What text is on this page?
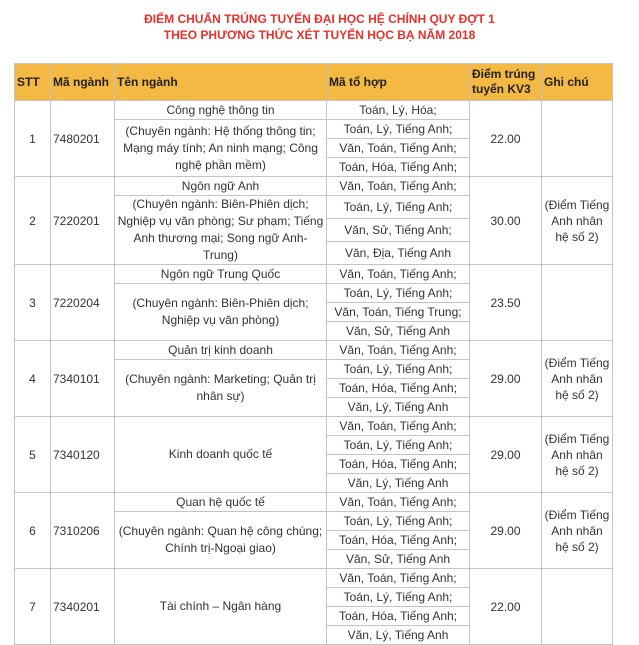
ĐIỂM CHUẨN TRÚNG TUYỂN ĐẠI HỌC HỆ CHÍNH QUY ĐỢT 1
THEO PHƯƠNG THỨC XÉT TUYỂN HỌC BẠ NĂM 2018
STT	Mã ngành	Tên ngành	Mã tổ hợp	Điểm trúng tuyển KV3	Ghi chú
1	7480201	Công nghệ thông tin	Toán, Lý, Hóa;	22.00	
		(Chuyên ngành: Hệ thống thông tin; Mạng máy tính; An ninh mạng; Công nghệ phần mềm)	Toán, Lý, Tiếng Anh;		
			Văn, Toán, Tiếng Anh;		
			Toán, Hóa, Tiếng Anh;		
2	7220201	Ngôn ngữ Anh	Văn, Toán, Tiếng Anh;	30.00	(Điểm Tiếng Anh nhân hệ số 2)
		(Chuyên ngành: Biên-Phiên dịch; Nghiệp vụ văn phòng; Sư phạm; Tiếng Anh thương mại; Song ngữ Anh-Trung)	Toán, Lý, Tiếng Anh;		
			Văn, Sử, Tiếng Anh;		
			Văn, Địa, Tiếng Anh		
3	7220204	Ngôn ngữ Trung Quốc	Văn, Toán, Tiếng Anh;	23.50	
		(Chuyên ngành: Biên-Phiên dịch; Nghiệp vụ văn phòng)	Toán, Lý, Tiếng Anh;		
			Văn, Toán, Tiếng Trung;		
			Văn, Sử, Tiếng Anh		
4	7340101	Quản trị kinh doanh	Văn, Toán, Tiếng Anh;	29.00	(Điểm Tiếng Anh nhân hệ số 2)
		(Chuyên ngành: Marketing; Quản trị nhân sự)	Toán, Lý, Tiếng Anh;		
			Toán, Hóa, Tiếng Anh;		
			Văn, Lý, Tiếng Anh		
5	7340120	Kinh doanh quốc tế	Văn, Toán, Tiếng Anh;	29.00	(Điểm Tiếng Anh nhân hệ số 2)
			Toán, Lý, Tiếng Anh;		
			Toán, Hóa, Tiếng Anh;		
			Văn, Lý, Tiếng Anh		
6	7310206	Quan hệ quốc tế	Văn, Toán, Tiếng Anh;	29.00	(Điểm Tiếng Anh nhân hệ số 2)
		(Chuyên ngành: Quan hệ công chúng; Chính trị-Ngoại giao)	Toán, Lý, Tiếng Anh;		
			Toán, Hóa, Tiếng Anh;		
			Văn, Sử, Tiếng Anh		
7	7340201	Tài chính – Ngân hàng	Văn, Toán, Tiếng Anh;	22.00	
			Toán, Lý, Tiếng Anh;		
			Toán, Hóa, Tiếng Anh;		
			Văn, Lý, Tiếng Anh		
